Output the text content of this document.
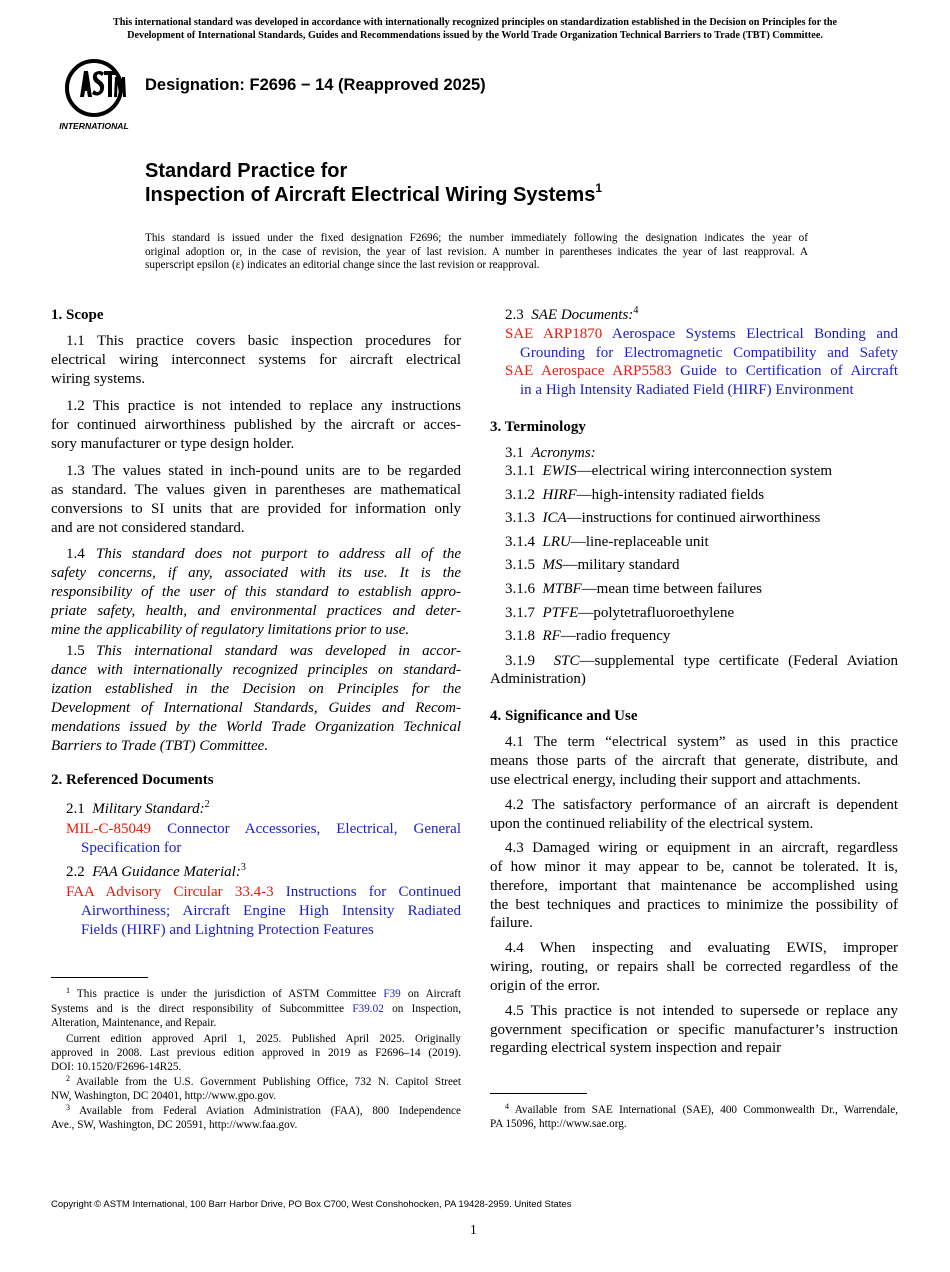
This international standard was developed in accordance with internationally recognized principles on standardization established in the Decision on Principles for the
Development of International Standards, Guides and Recommendations issued by the World Trade Organization Technical Barriers to Trade (TBT) Committee.
INTERNATIONAL
Designation: F2696 − 14 (Reapproved 2025)
Standard Practice for
Inspection of Aircraft Electrical Wiring Systems$^1$
This standard is issued under the fixed designation F2696; the number immediately following the designation indicates the year of
original adoption or, in the case of revision, the year of last revision. A number in parentheses indicates the year of last reapproval. A
superscript epsilon (ε) indicates an editorial change since the last revision or reapproval.
1. Scope
1.1 This practice covers basic inspection procedures for
electrical wiring interconnect systems for aircraft electrical
wiring systems.
1.2 This practice is not intended to replace any instructions
for continued airworthiness published by the aircraft or acces-
sory manufacturer or type design holder.
1.3 The values stated in inch-pound units are to be regarded
as standard. The values given in parentheses are mathematical
conversions to SI units that are provided for information only
and are not considered standard.
1.4 This standard does not purport to address all of the
safety concerns, if any, associated with its use. It is the
responsibility of the user of this standard to establish appro-
priate safety, health, and environmental practices and deter-
mine the applicability of regulatory limitations prior to use.
1.5 This international standard was developed in accor-
dance with internationally recognized principles on standard-
ization established in the Decision on Principles for the
Development of International Standards, Guides and Recom-
mendations issued by the World Trade Organization Technical
Barriers to Trade (TBT) Committee.
2. Referenced Documents
2.1 Military Standard:$^2$
MIL-C-85049 Connector Accessories, Electrical, General
Specification for
2.2 FAA Guidance Material:$^3$
FAA Advisory Circular 33.4-3 Instructions for Continued
Airworthiness; Aircraft Engine High Intensity Radiated
Fields (HIRF) and Lightning Protection Features
$^1$ This practice is under the jurisdiction of ASTM Committee F39 on Aircraft
Systems and is the direct responsibility of Subcommittee F39.02 on Inspection,
Alteration, Maintenance, and Repair.
Current edition approved April 1, 2025. Published April 2025. Originally
approved in 2008. Last previous edition approved in 2019 as F2696–14 (2019).
DOI: 10.1520/F2696-14R25.
$^2$ Available from the U.S. Government Publishing Office, 732 N. Capitol Street
NW, Washington, DC 20401, http://www.gpo.gov.
$^3$ Available from Federal Aviation Administration (FAA), 800 Independence
Ave., SW, Washington, DC 20591, http://www.faa.gov.
2.3 SAE Documents:$^4$
SAE ARP1870 Aerospace Systems Electrical Bonding and
Grounding for Electromagnetic Compatibility and Safety
SAE Aerospace ARP5583 Guide to Certification of Aircraft
in a High Intensity Radiated Field (HIRF) Environment
3. Terminology
3.1 Acronyms:
3.1.1 EWIS—electrical wiring interconnection system
3.1.2 HIRF—high-intensity radiated fields
3.1.3 ICA—instructions for continued airworthiness
3.1.4 LRU—line-replaceable unit
3.1.5 MS—military standard
3.1.6 MTBF—mean time between failures
3.1.7 PTFE—polytetrafluoroethylene
3.1.8 RF—radio frequency
3.1.9 STC—supplemental type certificate (Federal Aviation
Administration)
4. Significance and Use
4.1 The term “electrical system” as used in this practice
means those parts of the aircraft that generate, distribute, and
use electrical energy, including their support and attachments.
4.2 The satisfactory performance of an aircraft is dependent
upon the continued reliability of the electrical system.
4.3 Damaged wiring or equipment in an aircraft, regardless
of how minor it may appear to be, cannot be tolerated. It is,
therefore, important that maintenance be accomplished using
the best techniques and practices to minimize the possibility of
failure.
4.4 When inspecting and evaluating EWIS, improper
wiring, routing, or repairs shall be corrected regardless of the
origin of the error.
4.5 This practice is not intended to supersede or replace any
government specification or specific manufacturer’s instruction
regarding electrical system inspection and repair
$^4$ Available from SAE International (SAE), 400 Commonwealth Dr., Warrendale,
PA 15096, http://www.sae.org.
Copyright © ASTM International, 100 Barr Harbor Drive, PO Box C700, West Conshohocken, PA 19428-2959. United States
1
